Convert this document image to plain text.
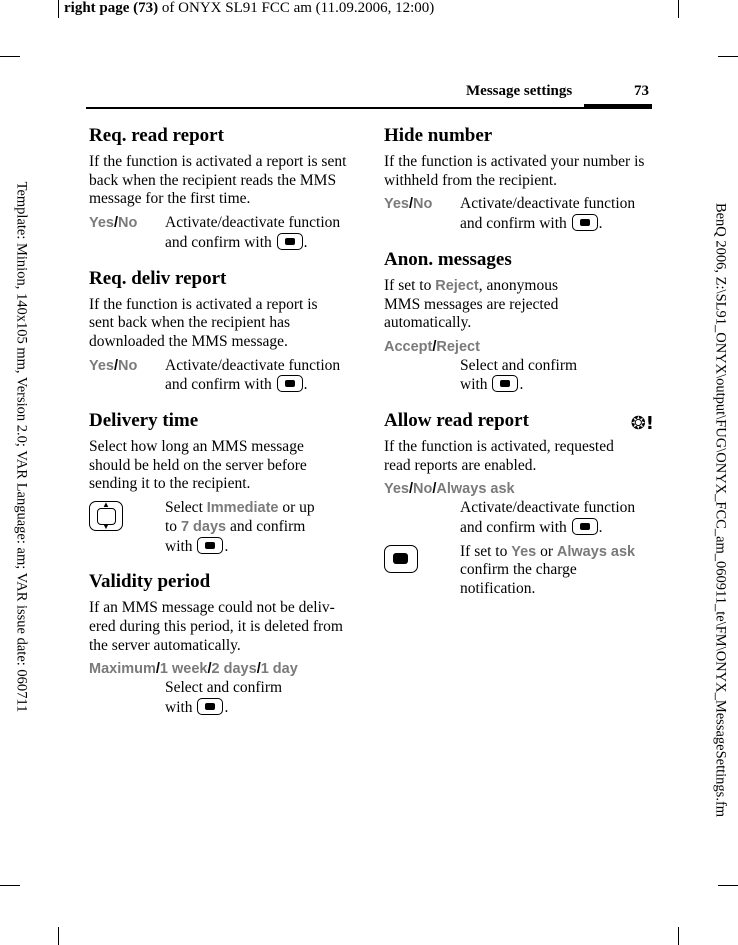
right page (73) of ONYX SL91 FCC am (11.09.2006, 12:00)
Template: Minion, 140x105 mm, Version 2.0; VAR Language: am; VAR issue date: 060711	BenQ 2006, Z:\SL91_ONYX\output\FUG\ONYX_FCC_am_060911_te\FM\ONYX_MessageSettings.fm
Message settings	73
Req. read report

If the function is activated a report is sent back when the recipient reads the MMS message for the first time.

Yes/No	Activate/deactivate function and confirm with .
Req. deliv report

If the function is activated a report is sent back when the recipient has downloaded the MMS message.

Yes/No	Activate/deactivate function and confirm with .
Delivery time

Select how long an MMS message should be held on the server before sending it to the recipient.

▲
▼
Select Immediate or up to 7 days and confirm with .
Validity period

If an MMS message could not be deliv-ered during this period, it is deleted from the server automatically.

Maximum/1 week/2 days/1 day
Select and confirm with .
Hide number

If the function is activated your number is withheld from the recipient.

Yes/No	Activate/deactivate function and confirm with .
Anon. messages

If set to Reject, anonymous MMS messages are rejected automatically.

Accept/Reject
Select and confirm with .
Allow read report	❂!

If the function is activated, requested read reports are enabled.

Yes/No/Always ask
Activate/deactivate function and confirm with .
If set to Yes or Always ask confirm the charge notification.
